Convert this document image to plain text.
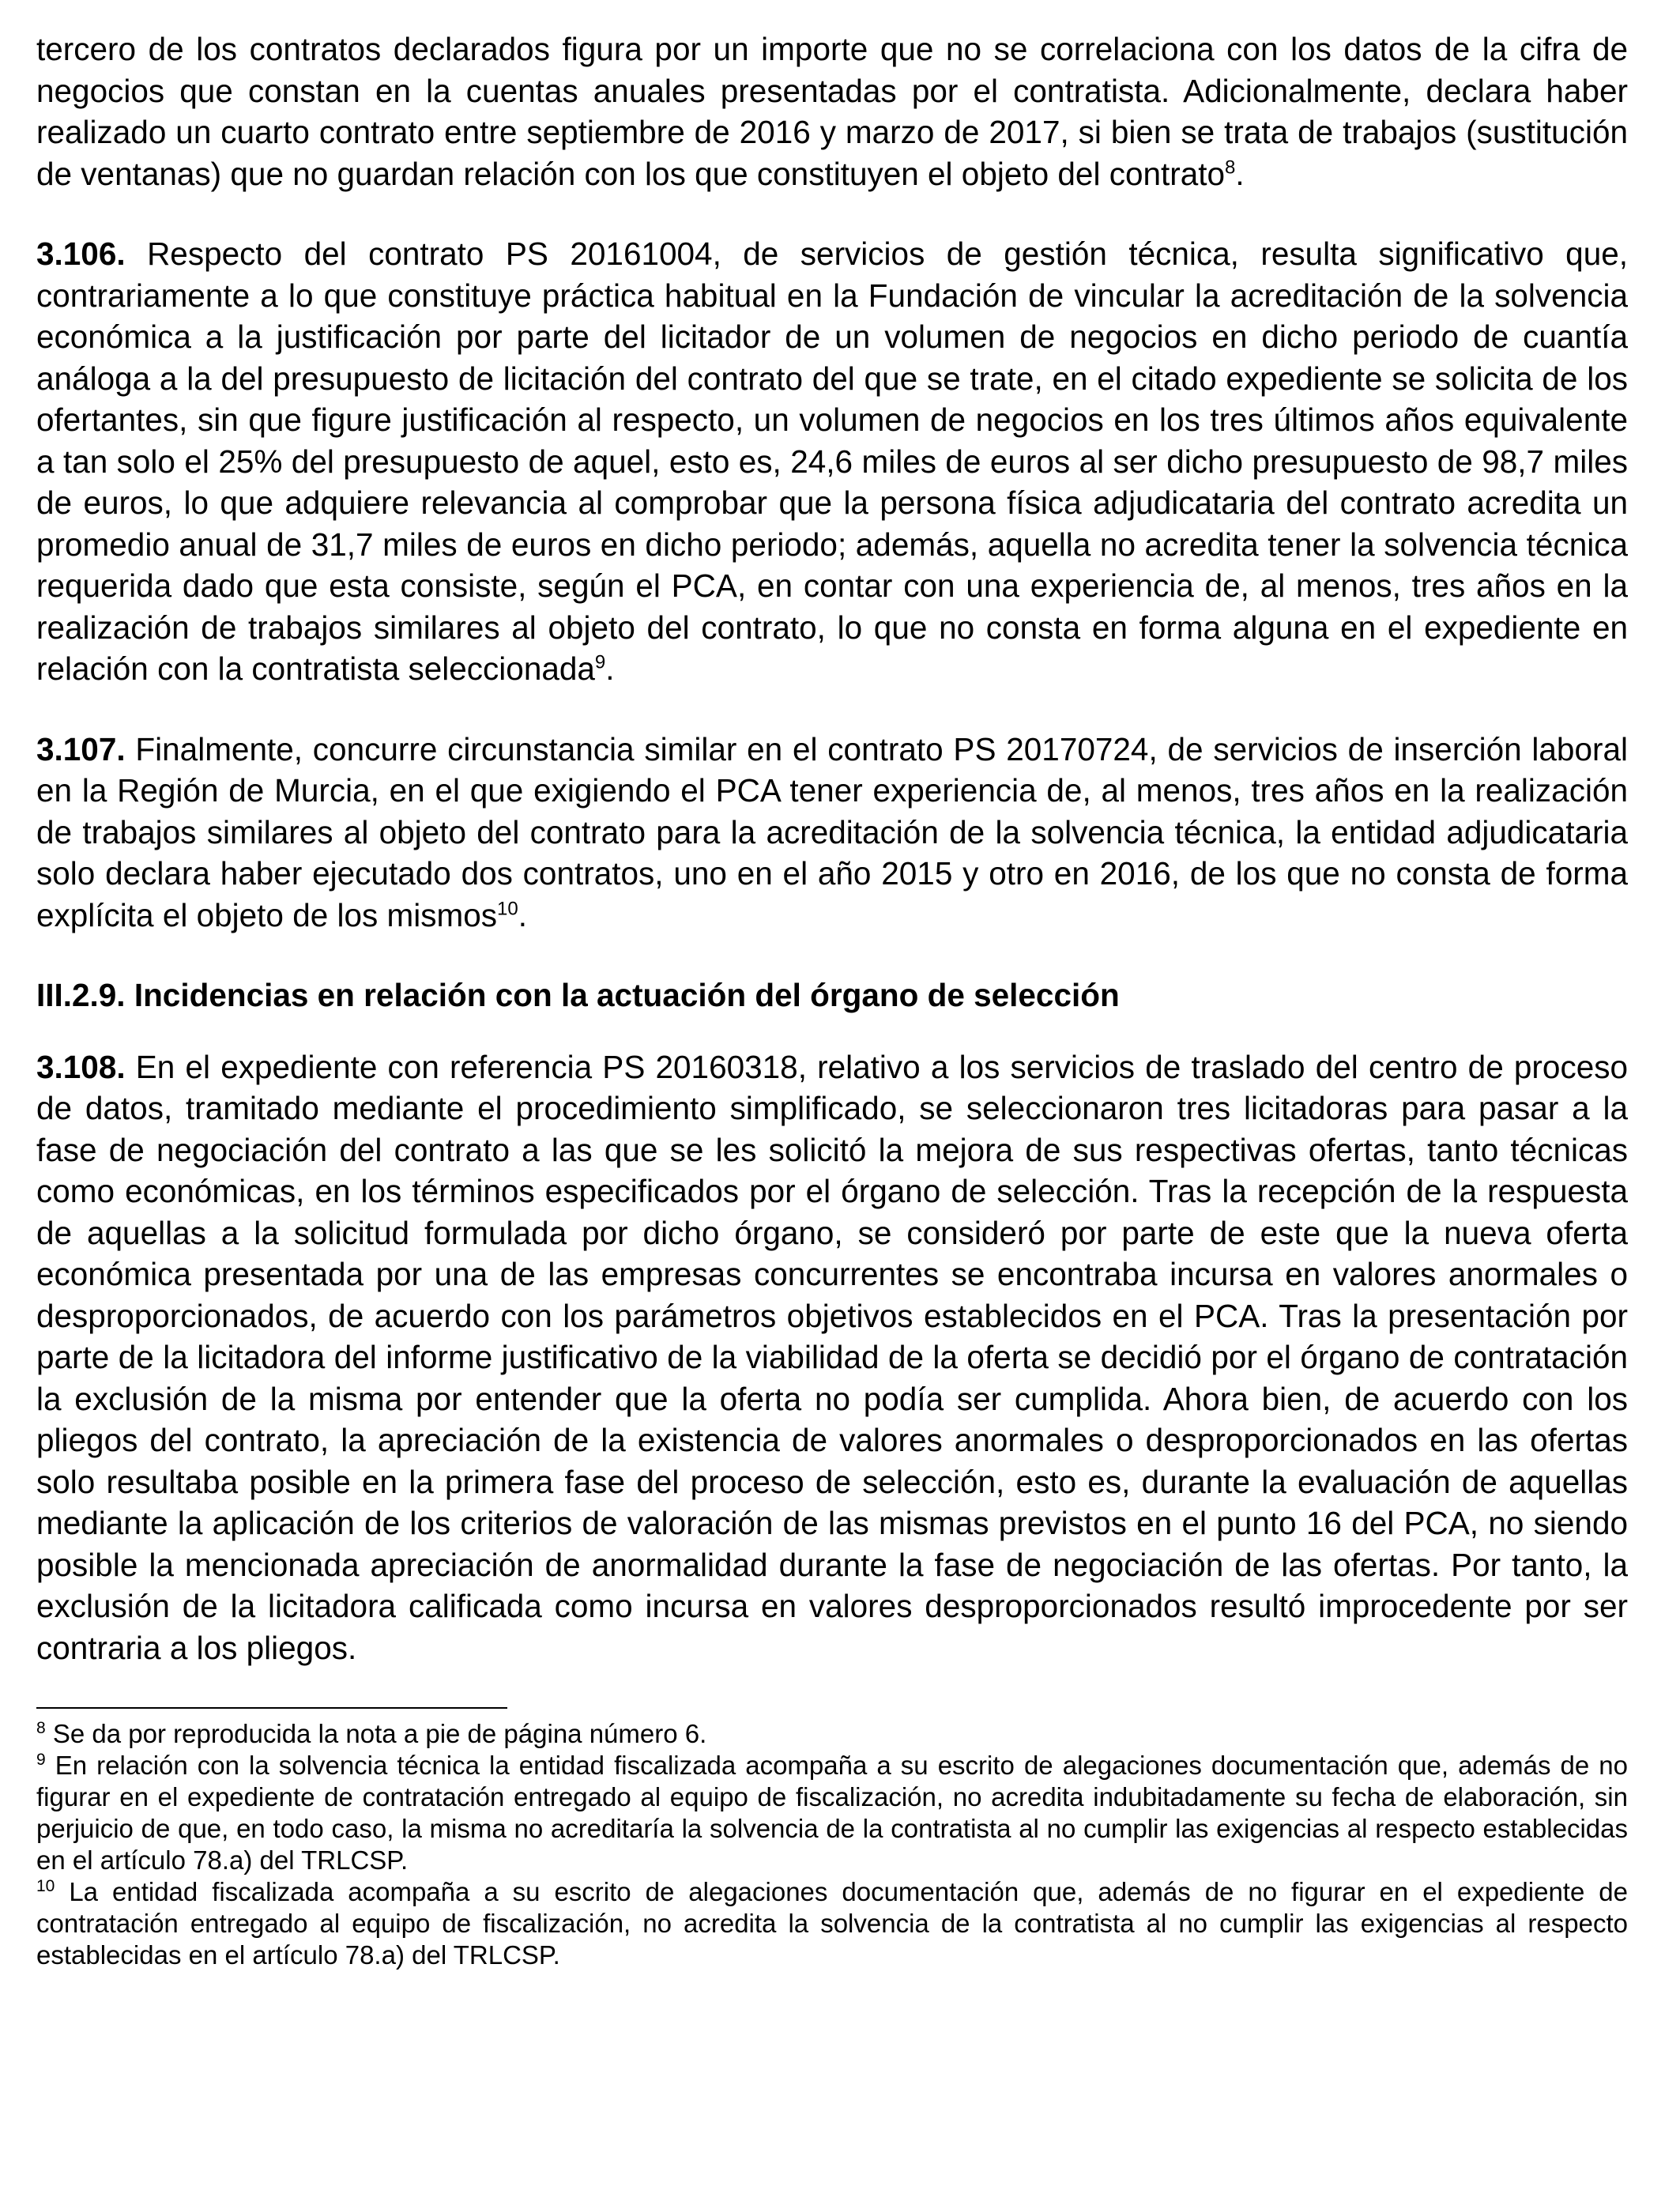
tercero de los contratos declarados figura por un importe que no se correlaciona con los datos de la cifra de negocios que constan en la cuentas anuales presentadas por el contratista. Adicionalmente, declara haber realizado un cuarto contrato entre septiembre de 2016 y marzo de 2017, si bien se trata de trabajos (sustitución de ventanas) que no guardan relación con los que constituyen el objeto del contrato$^8$.

3.106. Respecto del contrato PS 20161004, de servicios de gestión técnica, resulta significativo que, contrariamente a lo que constituye práctica habitual en la Fundación de vincular la acreditación de la solvencia económica a la justificación por parte del licitador de un volumen de negocios en dicho periodo de cuantía análoga a la del presupuesto de licitación del contrato del que se trate, en el citado expediente se solicita de los ofertantes, sin que figure justificación al respecto, un volumen de negocios en los tres últimos años equivalente a tan solo el 25% del presupuesto de aquel, esto es, 24,6 miles de euros al ser dicho presupuesto de 98,7 miles de euros, lo que adquiere relevancia al comprobar que la persona física adjudicataria del contrato acredita un promedio anual de 31,7 miles de euros en dicho periodo; además, aquella no acredita tener la solvencia técnica requerida dado que esta consiste, según el PCA, en contar con una experiencia de, al menos, tres años en la realización de trabajos similares al objeto del contrato, lo que no consta en forma alguna en el expediente en relación con la contratista seleccionada$^9$.

3.107. Finalmente, concurre circunstancia similar en el contrato PS 20170724, de servicios de inserción laboral en la Región de Murcia, en el que exigiendo el PCA tener experiencia de, al menos, tres años en la realización de trabajos similares al objeto del contrato para la acreditación de la solvencia técnica, la entidad adjudicataria solo declara haber ejecutado dos contratos, uno en el año 2015 y otro en 2016, de los que no consta de forma explícita el objeto de los mismos$^{10}$.

III.2.9. Incidencias en relación con la actuación del órgano de selección

3.108. En el expediente con referencia PS 20160318, relativo a los servicios de traslado del centro de proceso de datos, tramitado mediante el procedimiento simplificado, se seleccionaron tres licitadoras para pasar a la fase de negociación del contrato a las que se les solicitó la mejora de sus respectivas ofertas, tanto técnicas como económicas, en los términos especificados por el órgano de selección. Tras la recepción de la respuesta de aquellas a la solicitud formulada por dicho órgano, se consideró por parte de este que la nueva oferta económica presentada por una de las empresas concurrentes se encontraba incursa en valores anormales o desproporcionados, de acuerdo con los parámetros objetivos establecidos en el PCA. Tras la presentación por parte de la licitadora del informe justificativo de la viabilidad de la oferta se decidió por el órgano de contratación la exclusión de la misma por entender que la oferta no podía ser cumplida. Ahora bien, de acuerdo con los pliegos del contrato, la apreciación de la existencia de valores anormales o desproporcionados en las ofertas solo resultaba posible en la primera fase del proceso de selección, esto es, durante la evaluación de aquellas mediante la aplicación de los criterios de valoración de las mismas previstos en el punto 16 del PCA, no siendo posible la mencionada apreciación de anormalidad durante la fase de negociación de las ofertas. Por tanto, la exclusión de la licitadora calificada como incursa en valores desproporcionados resultó improcedente por ser contraria a los pliegos.

$^8$ Se da por reproducida la nota a pie de página número 6.

$^9$ En relación con la solvencia técnica la entidad fiscalizada acompaña a su escrito de alegaciones documentación que, además de no figurar en el expediente de contratación entregado al equipo de fiscalización, no acredita indubitadamente su fecha de elaboración, sin perjuicio de que, en todo caso, la misma no acreditaría la solvencia de la contratista al no cumplir las exigencias al respecto establecidas en el artículo 78.a) del TRLCSP.

$^{10}$ La entidad fiscalizada acompaña a su escrito de alegaciones documentación que, además de no figurar en el expediente de contratación entregado al equipo de fiscalización, no acredita la solvencia de la contratista al no cumplir las exigencias al respecto establecidas en el artículo 78.a) del TRLCSP.
